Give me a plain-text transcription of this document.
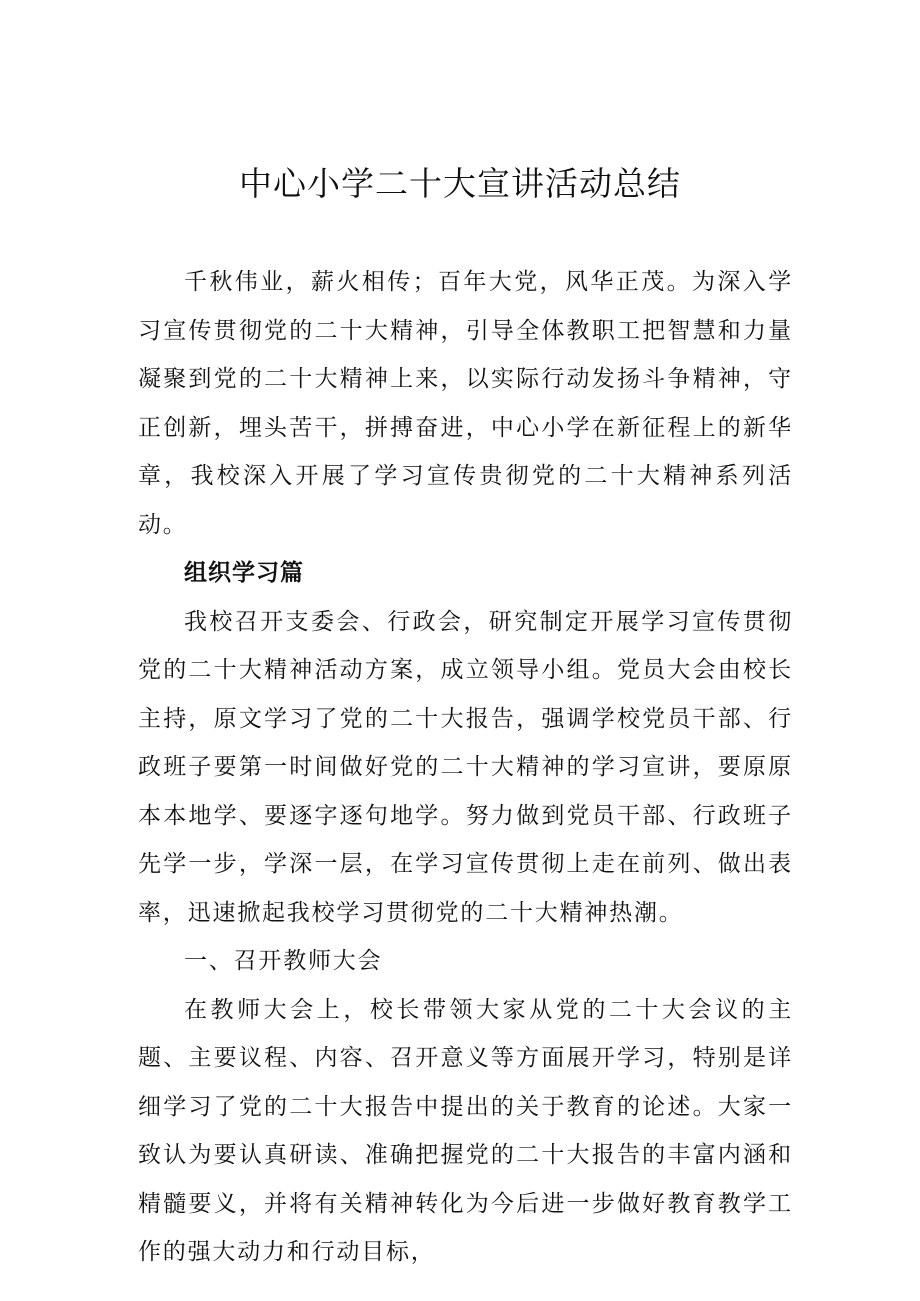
中心小学二十大宣讲活动总结

千秋伟业，薪火相传；百年大党，风华正茂。为深入学习宣传贯彻党的二十大精神，引导全体教职工把智慧和力量凝聚到党的二十大精神上来，以实际行动发扬斗争精神，守正创新，埋头苦干，拼搏奋进，中心小学在新征程上的新华章，我校深入开展了学习宣传贵彻党的二十大精神系列活动。

组织学习篇

我校召开支委会、行政会，研究制定开展学习宣传贯彻党的二十大精神活动方案，成立领导小组。党员大会由校长主持，原文学习了党的二十大报告，强调学校党员干部、行政班子要第一时间做好党的二十大精神的学习宣讲，要原原本本地学、要逐字逐句地学。努力做到党员干部、行政班子先学一步，学深一层，在学习宣传贯彻上走在前列、做出表率，迅速掀起我校学习贯彻党的二十大精神热潮。

一、召开教师大会

在教师大会上，校长带领大家从党的二十大会议的主题、主要议程、内容、召开意义等方面展开学习，特别是详细学习了党的二十大报告中提出的关于教育的论述。大家一致认为要认真研读、准确把握党的二十大报告的丰富内涵和精髓要义，并将有关精神转化为今后进一步做好教育教学工作的强大动力和行动目标，
